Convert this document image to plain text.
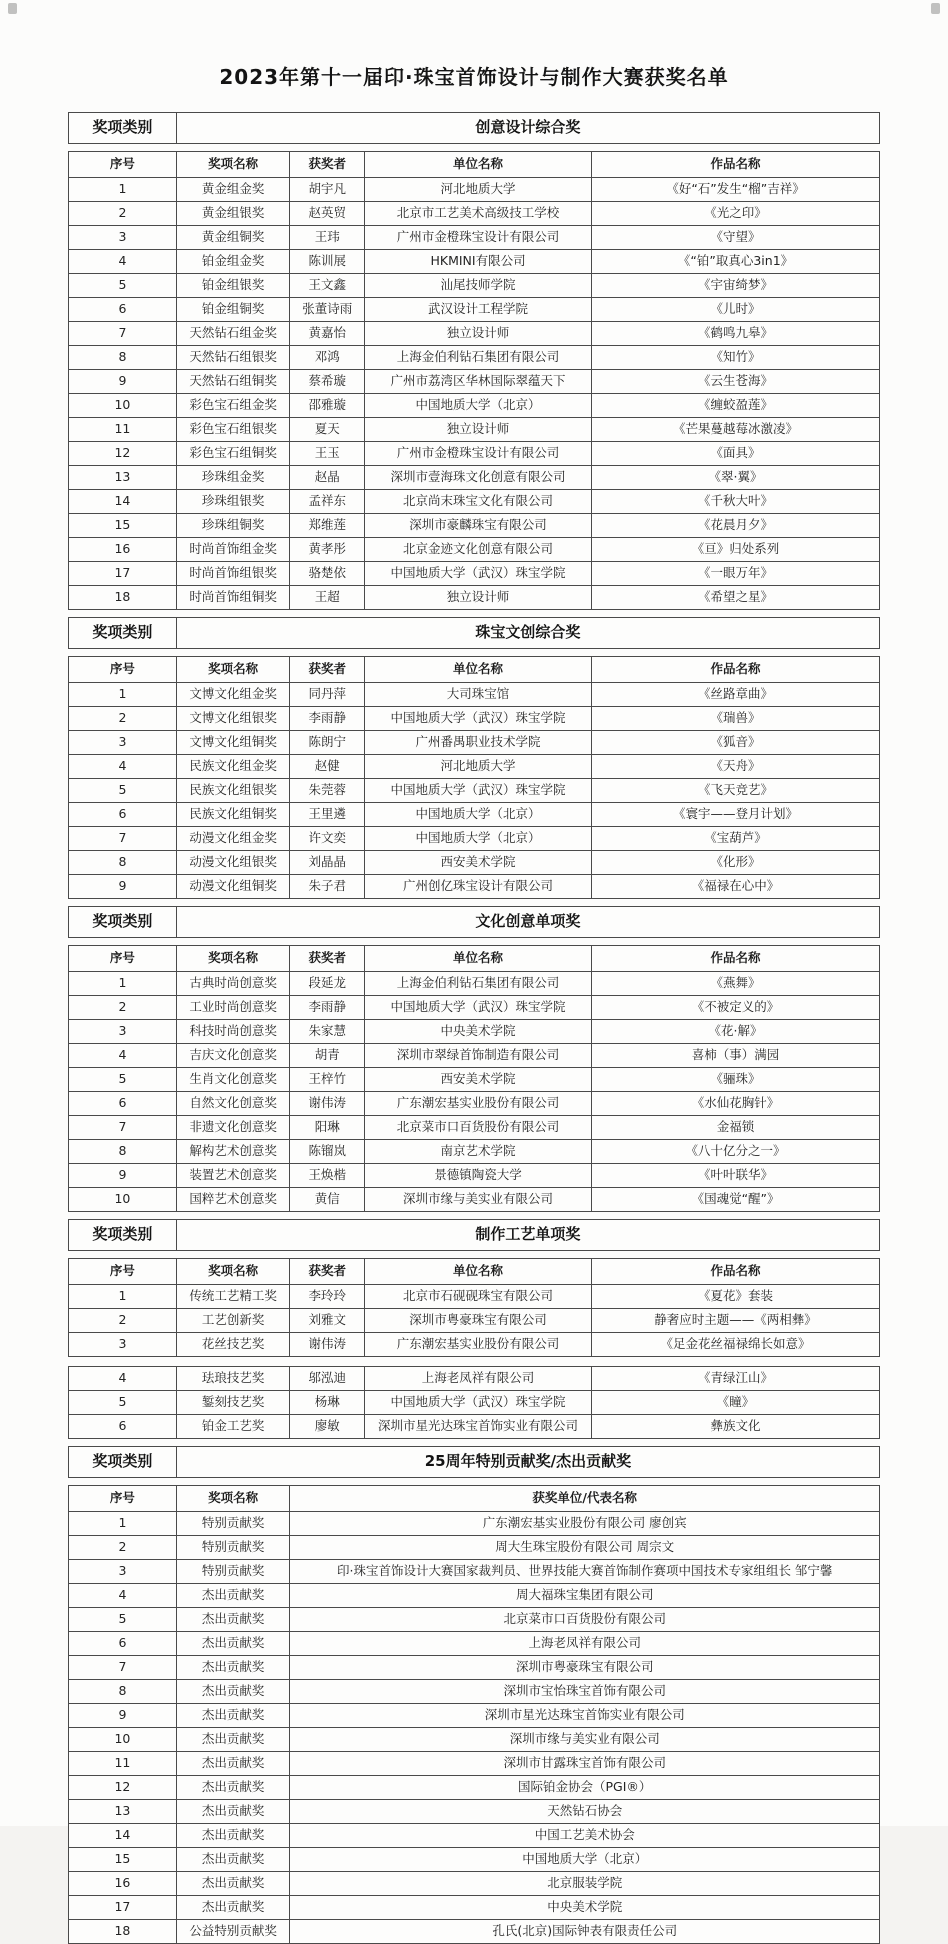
2023年第十一届印·珠宝首饰设计与制作大赛获奖名单
奖项类别	创意设计综合奖
序号	奖项名称	获奖者	单位名称	作品名称
1	黄金组金奖	胡宇凡	河北地质大学	《好“石”发生“榴”吉祥》
2	黄金组银奖	赵英贸	北京市工艺美术高级技工学校	《光之印》
3	黄金组铜奖	王玮	广州市金橙珠宝设计有限公司	《守望》
4	铂金组金奖	陈训展	HKMINI有限公司	《“铂”取真心3in1》
5	铂金组银奖	王文鑫	汕尾技师学院	《宇宙绮梦》
6	铂金组铜奖	张董诗雨	武汉设计工程学院	《儿时》
7	天然钻石组金奖	黄嘉怡	独立设计师	《鹤鸣九皋》
8	天然钻石组银奖	邓鸿	上海金伯利钻石集团有限公司	《知竹》
9	天然钻石组铜奖	蔡希璇	广州市荔湾区华林国际翠蕴天下	《云生苍海》
10	彩色宝石组金奖	邵雅璇	中国地质大学（北京）	《缠蛟盈莲》
11	彩色宝石组银奖	夏天	独立设计师	《芒果蔓越莓冰激凌》
12	彩色宝石组铜奖	王玉	广州市金橙珠宝设计有限公司	《面具》
13	珍珠组金奖	赵晶	深圳市壹海珠文化创意有限公司	《翠·翼》
14	珍珠组银奖	孟祥东	北京尚末珠宝文化有限公司	《千秋大叶》
15	珍珠组铜奖	郑维莲	深圳市豪麟珠宝有限公司	《花晨月夕》
16	时尚首饰组金奖	黄孝彤	北京金迹文化创意有限公司	《亘》归处系列
17	时尚首饰组银奖	骆楚依	中国地质大学（武汉）珠宝学院	《一眼万年》
18	时尚首饰组铜奖	王超	独立设计师	《希望之星》
奖项类别	珠宝文创综合奖
序号	奖项名称	获奖者	单位名称	作品名称
1	文博文化组金奖	同丹萍	大司珠宝馆	《丝路章曲》
2	文博文化组银奖	李雨静	中国地质大学（武汉）珠宝学院	《瑞兽》
3	文博文化组铜奖	陈朗宁	广州番禺职业技术学院	《狐音》
4	民族文化组金奖	赵健	河北地质大学	《天舟》
5	民族文化组银奖	朱莞蓉	中国地质大学（武汉）珠宝学院	《飞天竞艺》
6	民族文化组铜奖	王里遴	中国地质大学（北京）	《寰宇——登月计划》
7	动漫文化组金奖	许文奕	中国地质大学（北京）	《宝葫芦》
8	动漫文化组银奖	刘晶晶	西安美术学院	《化形》
9	动漫文化组铜奖	朱子君	广州创亿珠宝设计有限公司	《福禄在心中》
奖项类别	文化创意单项奖
序号	奖项名称	获奖者	单位名称	作品名称
1	古典时尚创意奖	段延龙	上海金伯利钻石集团有限公司	《燕舞》
2	工业时尚创意奖	李雨静	中国地质大学（武汉）珠宝学院	《不被定义的》
3	科技时尚创意奖	朱家慧	中央美术学院	《花·解》
4	吉庆文化创意奖	胡青	深圳市翠绿首饰制造有限公司	喜柿（事）满园
5	生肖文化创意奖	王梓竹	西安美术学院	《骊珠》
6	自然文化创意奖	谢伟涛	广东潮宏基实业股份有限公司	《水仙花胸针》
7	非遗文化创意奖	阳琳	北京菜市口百货股份有限公司	金福锁
8	解构艺术创意奖	陈镏岚	南京艺术学院	《八十亿分之一》
9	装置艺术创意奖	王焕楷	景德镇陶瓷大学	《叶叶联华》
10	国粹艺术创意奖	黄信	深圳市缘与美实业有限公司	《国魂觉“醒”》
奖项类别	制作工艺单项奖
序号	奖项名称	获奖者	单位名称	作品名称
1	传统工艺精工奖	李玲玲	北京市石砚砚珠宝有限公司	《夏花》套装
2	工艺创新奖	刘雅文	深圳市粤豪珠宝有限公司	静奢应时主题——《两相彝》
3	花丝技艺奖	谢伟涛	广东潮宏基实业股份有限公司	《足金花丝福禄绵长如意》
4	珐琅技艺奖	邬泓迪	上海老凤祥有限公司	《青绿江山》
5	錾刻技艺奖	杨琳	中国地质大学（武汉）珠宝学院	《瞳》
6	铂金工艺奖	廖敏	深圳市星光达珠宝首饰实业有限公司	彝族文化
奖项类别	25周年特别贡献奖/杰出贡献奖
序号	奖项名称	获奖单位/代表名称
1	特别贡献奖	广东潮宏基实业股份有限公司 廖创宾
2	特别贡献奖	周大生珠宝股份有限公司 周宗文
3	特别贡献奖	印·珠宝首饰设计大赛国家裁判员、世界技能大赛首饰制作赛项中国技术专家组组长 邹宁馨
4	杰出贡献奖	周大福珠宝集团有限公司
5	杰出贡献奖	北京菜市口百货股份有限公司
6	杰出贡献奖	上海老凤祥有限公司
7	杰出贡献奖	深圳市粤豪珠宝有限公司
8	杰出贡献奖	深圳市宝怡珠宝首饰有限公司
9	杰出贡献奖	深圳市星光达珠宝首饰实业有限公司
10	杰出贡献奖	深圳市缘与美实业有限公司
11	杰出贡献奖	深圳市甘露珠宝首饰有限公司
12	杰出贡献奖	国际铂金协会（PGI®）
13	杰出贡献奖	天然钻石协会
14	杰出贡献奖	中国工艺美术协会
15	杰出贡献奖	中国地质大学（北京）
16	杰出贡献奖	北京服装学院
17	杰出贡献奖	中央美术学院
18	公益特别贡献奖	孔氏(北京)国际钟表有限责任公司
